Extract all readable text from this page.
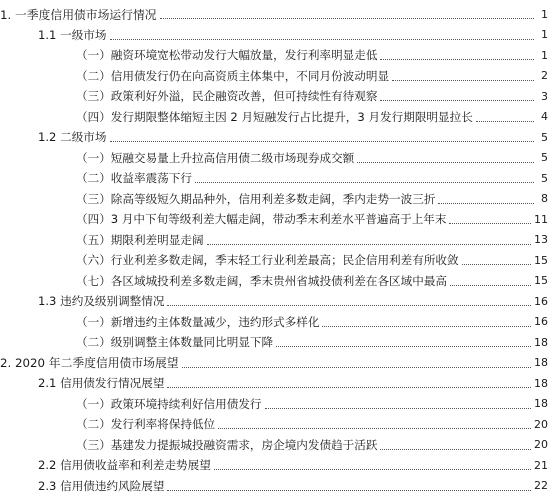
1. 一季度信用债市场运行情况	1
1.1 一级市场	1
（一）融资环境宽松带动发行大幅放量，发行利率明显走低	1
（二）信用债发行仍在向高资质主体集中，不同月份波动明显	2
（三）政策利好外溢，民企融资改善，但可持续性有待观察	3
（四）发行期限整体缩短主因 2 月短融发行占比提升，3 月发行期限明显拉长	4
1.2 二级市场	5
（一）短融交易量上升拉高信用债二级市场现券成交额	5
（二）收益率震荡下行	5
（三）除高等级短久期品种外，信用利差多数走阔，季内走势一波三折	8
（四）3 月中下旬等级利差大幅走阔，带动季末利差水平普遍高于上年末	11
（五）期限利差明显走阔	13
（六）行业利差多数走阔，季末轻工行业利差最高；民企信用利差有所收敛	15
（七）各区域城投利差多数走阔，季末贵州省城投债利差在各区域中最高	15
1.3 违约及级别调整情况	16
（一）新增违约主体数量减少，违约形式多样化	16
（二）级别调整主体数量同比明显下降	18
2. 2020 年二季度信用债市场展望	18
2.1 信用债发行情况展望	18
（一）政策环境持续利好信用债发行	18
（二）发行利率将保持低位	20
（三）基建发力提振城投融资需求，房企境内发债趋于活跃	20
2.2 信用债收益率和利差走势展望	21
2.3 信用债违约风险展望	22
